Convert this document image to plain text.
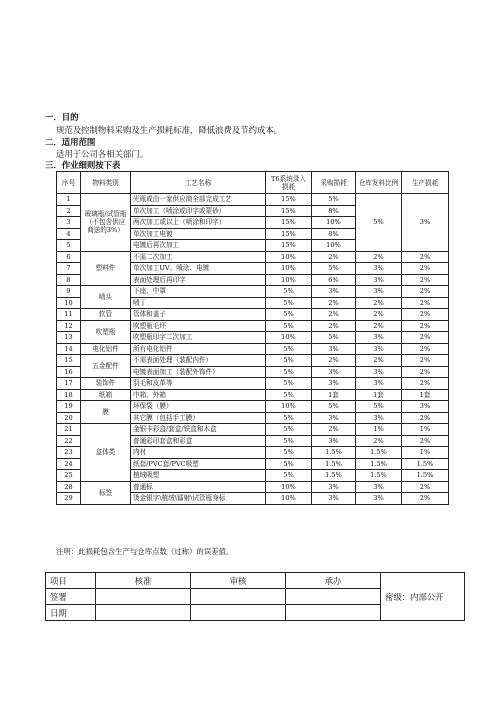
一．目的
规范及控制物料采购及生产损耗标准，降低浪费及节约成本。
二．适用范围
适用于公司各相关部门。
三．作业细则按下表
序号	物料类别	工艺名称	T6系统录入损耗	采购损耗	仓库发料比例	生产损耗
1	玻璃瓶/试管瓶（不包含供应商送的3%）	光瓶或由一家供应商全部完成工艺	15%	5%	5%	3%
2		单次加工（喷涂或印字或蒙砂）	15%	8%		
3		两次加工或以上（喷涂和印字）	15%	10%		
4		单次加工电镀	15%	8%		
5		电镀后再次加工	15%	10%		
6	塑料件	不需二次加工	10%	2%	2%	2%
7		单次加工UV、喷涂、电镀	10%	5%	3%	2%
8		表面处理后再印字	10%	6%	3%	2%
9	喷头	下座、中罩	5%	3%	3%	2%
10		喷丁	5%	2%	2%	2%
11	软管	管体和盖子	5%	2%	2%	2%
12	吹塑瓶	吹塑瓶毛坯	5%	2%	2%	2%
13		吹塑瓶印字二次加工	10%	5%	3%	2%
14	电化铝件	所有电化铝件	5%	3%	3%	2%
15	五金配件	不需表面处理（装配内件）	5%	2%	2%	2%
16		电镀表面加工（装配外饰件）	5%	3%	3%	2%
17	装饰件	羽毛和皮革等	5%	3%	3%	2%
18	纸箱	中箱、外箱	5%	1套	1套	1套
19	膜	环保袋（膜）	10%	5%	5%	3%
20		其它膜（包括手工膜）	5%	3%	3%	2%
21	盒体类	金银卡彩盒/套盒/铁盒和木盒	5%	2%	1%	1%
22		普通彩印套盒和彩盒	5%	3%	2%	2%
23		内衬	5%	1.5%	1.5%	1%
24		纸套/PVC套/PVC吸塑	5%	1.5%	1.5%	1.5%
25		植绒吸塑	5%	1.5%	1.5%	1.5%
28	标签	普通标	10%	3%	3%	2%
29		烫金银字\植绒\镭射\试管瓶身标	10%	3%	3%	2%
注明：此损耗包含生产与仓库点数（过称）的误差值。
项目	核准	审核	承办	密级：内部公开
签署				
日期				
